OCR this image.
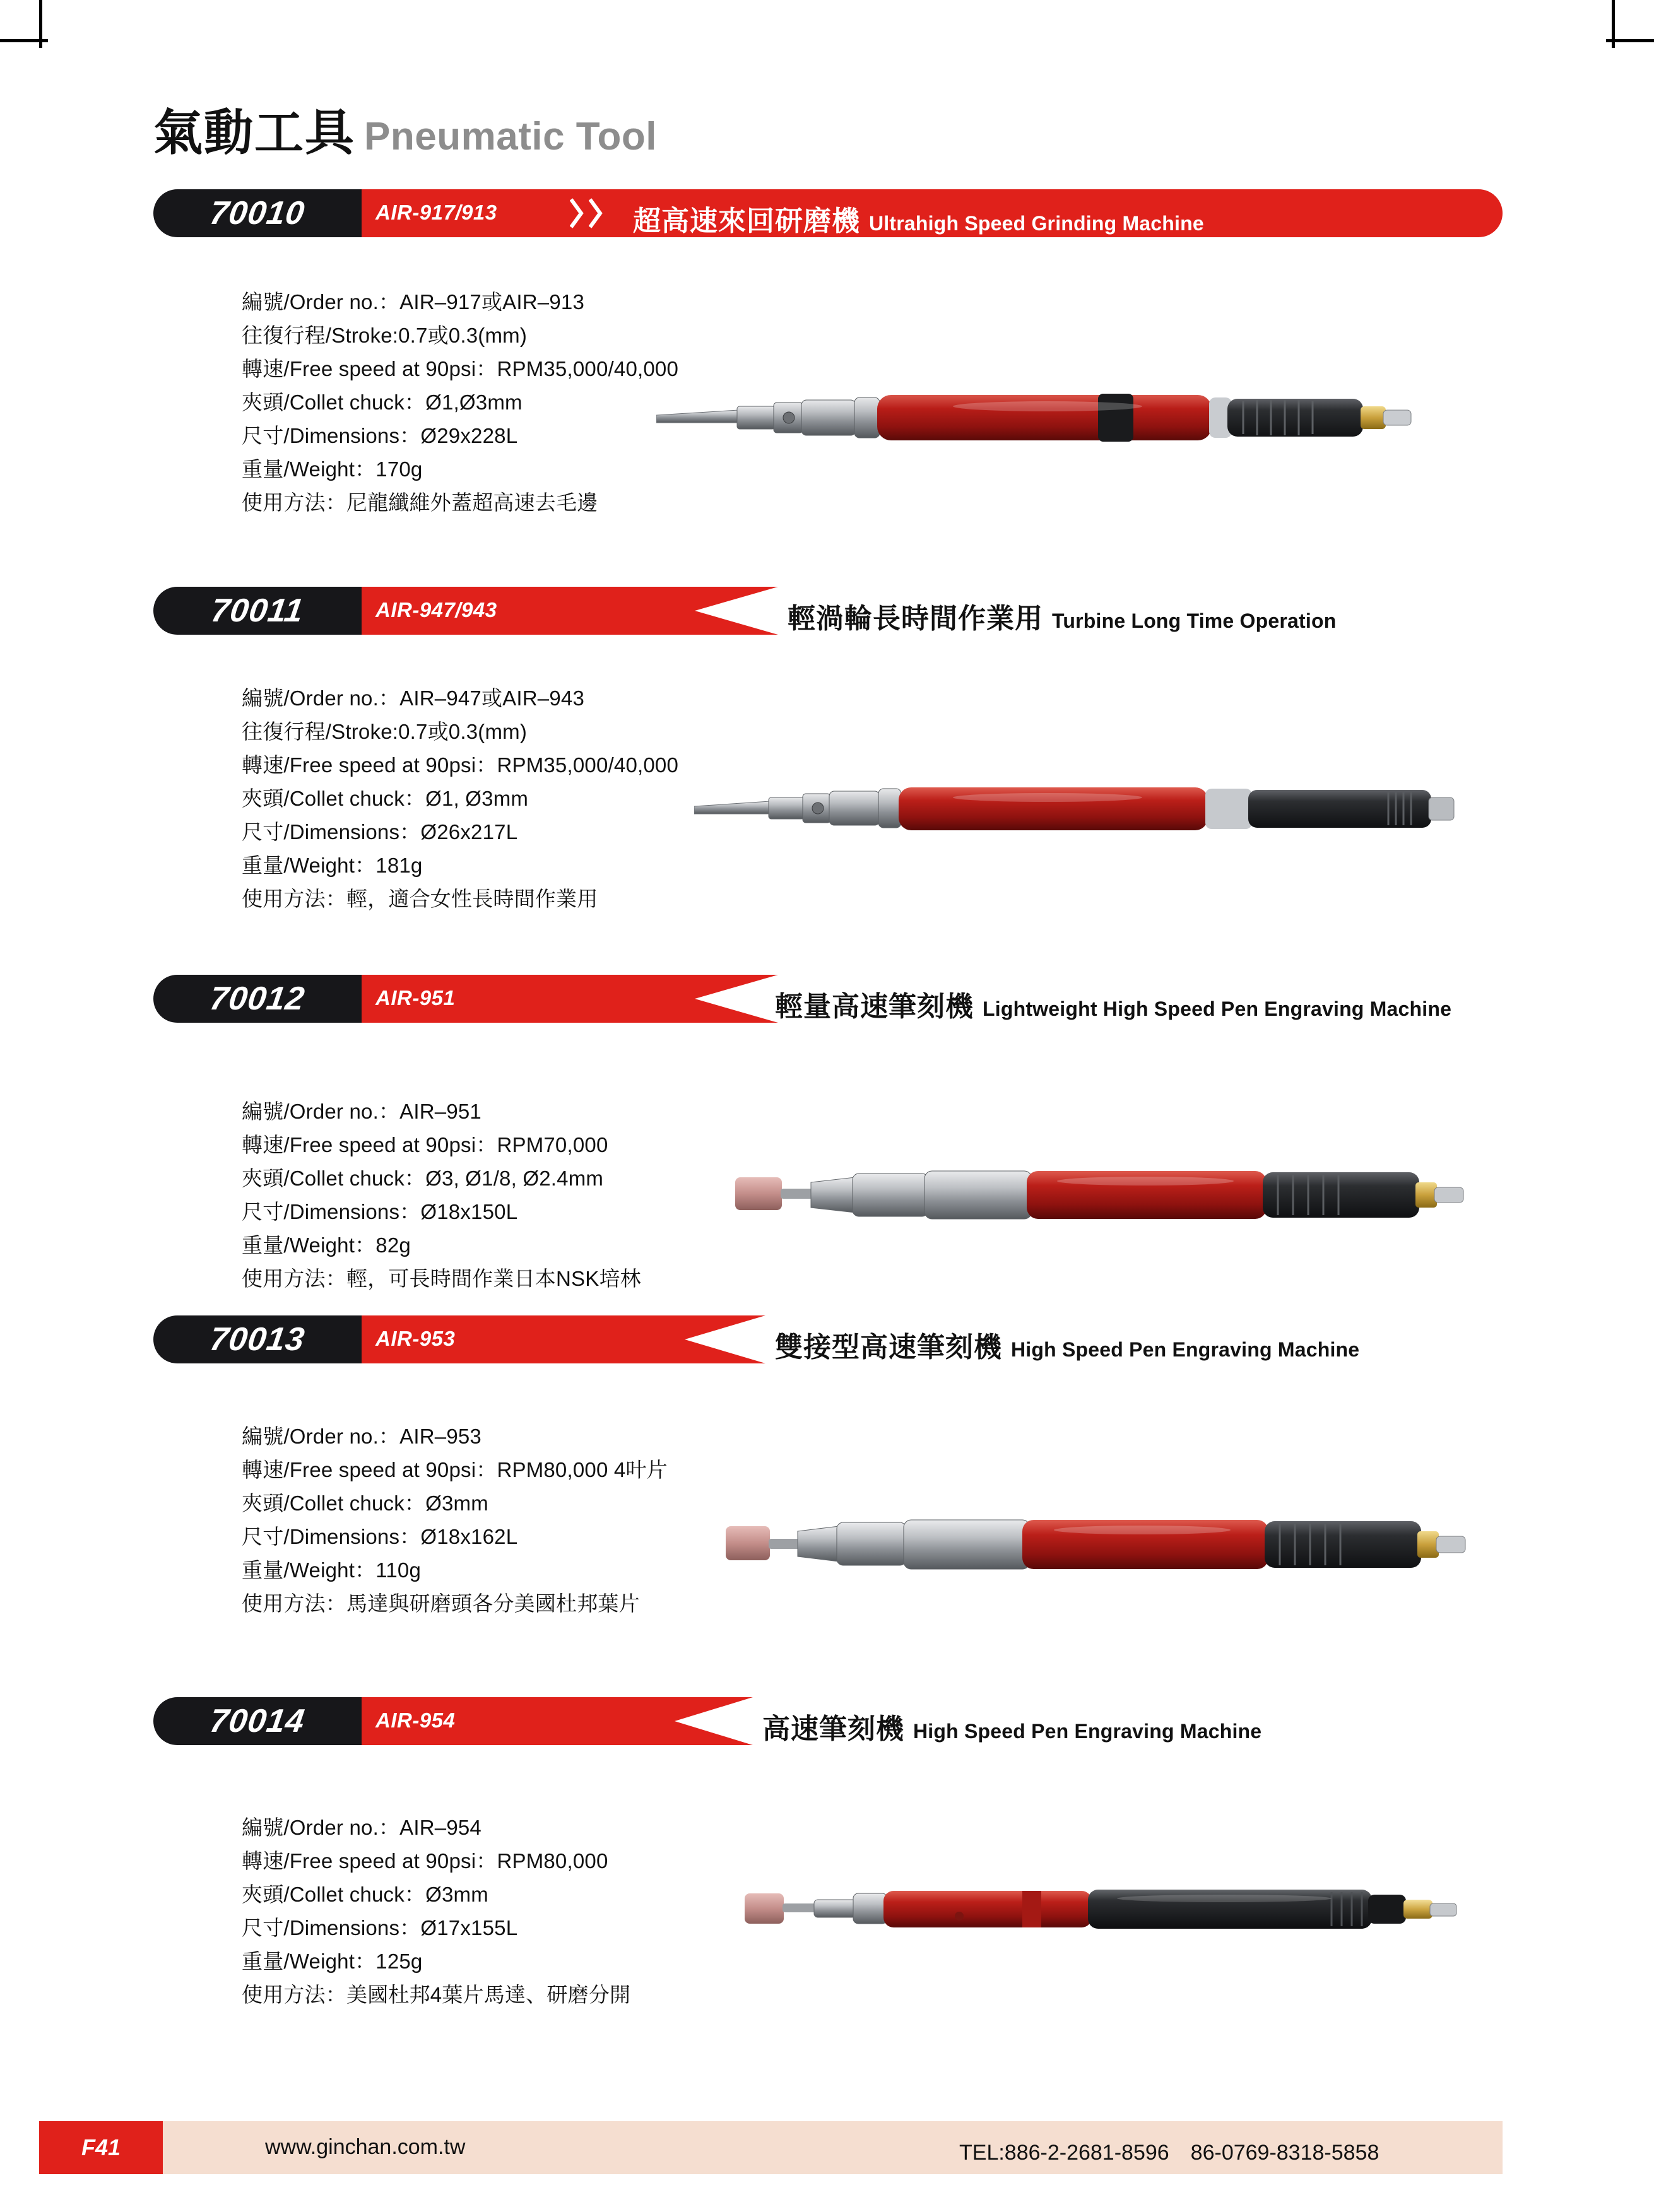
氣動工具 Pneumatic Tool
70010	AIR-917/913	超高速來回研磨機 Ultrahigh Speed Grinding Machine
編號/Order no.：AIR–917或AIR–913
往復行程/Stroke:0.7或0.3(mm)
轉速/Free speed at 90psi：RPM35,000/40,000
夾頭/Collet chuck：Ø1,Ø3mm
尺寸/Dimensions：Ø29x228L
重量/Weight：170g
使用方法：尼龍纖維外蓋超高速去毛邊
70011	AIR-947/943	輕渦輪長時間作業用 Turbine Long Time Operation
編號/Order no.：AIR–947或AIR–943
往復行程/Stroke:0.7或0.3(mm)
轉速/Free speed at 90psi：RPM35,000/40,000
夾頭/Collet chuck：Ø1, Ø3mm
尺寸/Dimensions：Ø26x217L
重量/Weight：181g
使用方法：輕，適合女性長時間作業用
70012	AIR-951	輕量高速筆刻機 Lightweight High Speed Pen Engraving Machine
編號/Order no.：AIR–951
轉速/Free speed at 90psi：RPM70,000
夾頭/Collet chuck：Ø3, Ø1/8, Ø2.4mm
尺寸/Dimensions：Ø18x150L
重量/Weight：82g
使用方法：輕，可長時間作業日本NSK培林
70013	AIR-953	雙接型高速筆刻機 High Speed Pen Engraving Machine
編號/Order no.：AIR–953
轉速/Free speed at 90psi：RPM80,000 4叶片
夾頭/Collet chuck：Ø3mm
尺寸/Dimensions：Ø18x162L
重量/Weight：110g
使用方法：馬達與研磨頭各分美國杜邦葉片
70014	AIR-954	高速筆刻機 High Speed Pen Engraving Machine
編號/Order no.：AIR–954
轉速/Free speed at 90psi：RPM80,000
夾頭/Collet chuck：Ø3mm
尺寸/Dimensions：Ø17x155L
重量/Weight：125g
使用方法：美國杜邦4葉片馬達、研磨分開
F41	www.ginchan.com.tw	TEL:886-2-2681-8596　86-0769-8318-5858
